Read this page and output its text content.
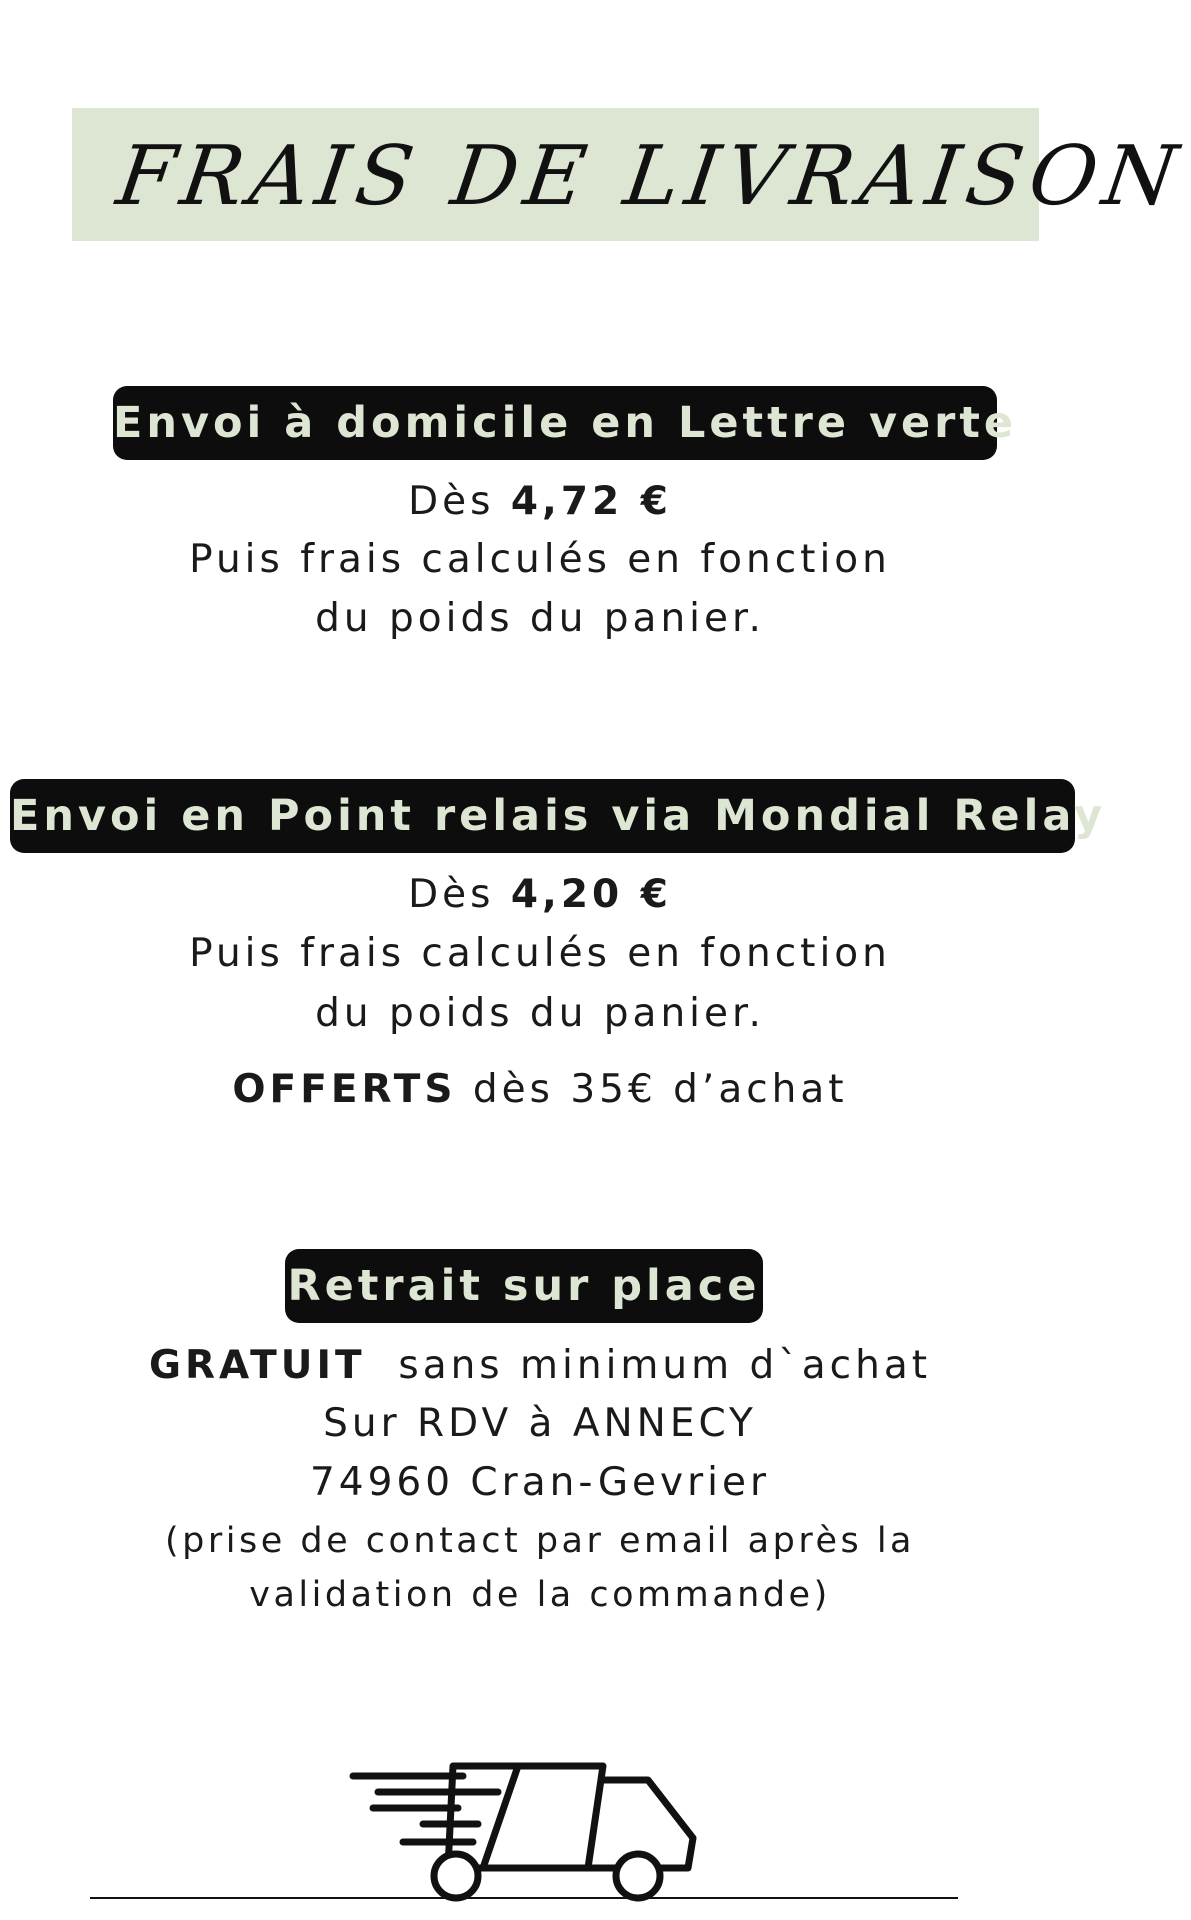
FRAIS DE LIVRAISON
Envoi à domicile en Lettre verte
Dès 4,72 €
Puis frais calculés en fonction
du poids du panier.
Envoi en Point relais via Mondial Relay
Dès 4,20 €
Puis frais calculés en fonction
du poids du panier.
OFFERTS dès 35€ d’achat
Retrait sur place
GRATUIT sans minimum d`achat
Sur RDV à ANNECY
74960 Cran-Gevrier
(prise de contact par email après la
validation de la commande)
